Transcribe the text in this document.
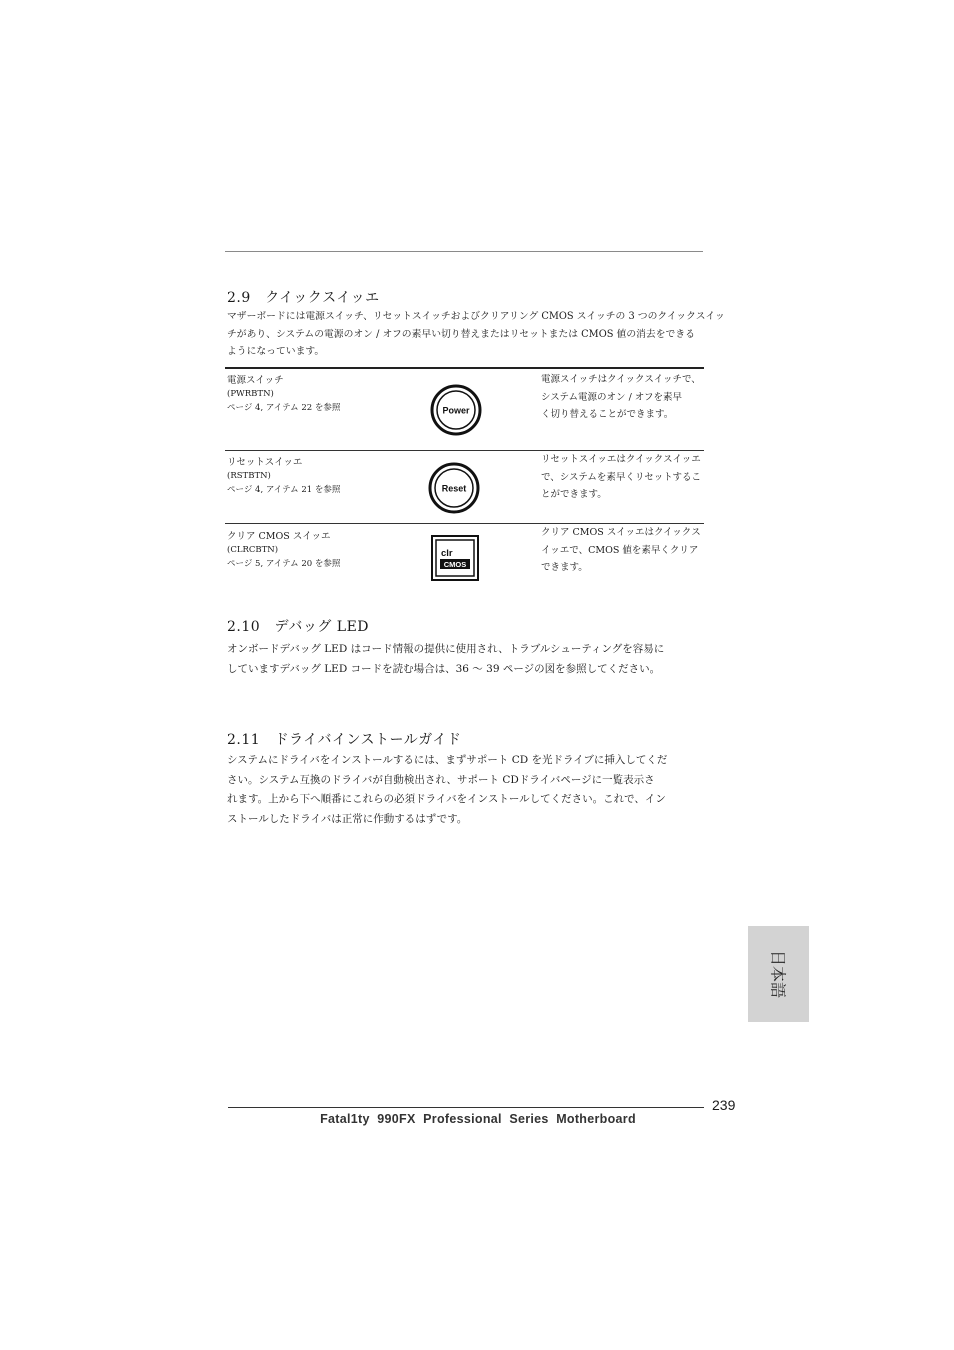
2.9　クイックスイッエ
マザーボードには電源スイッチ、リセットスイッチおよびクリアリング CMOS スイッチの 3 つのクイックスイッ
チがあり、システムの電源のオン / オフの素早い切り替えまたはリセットまたは CMOS 値の消去をできる
ようになっています。
電源スイッチ
(PWRBTN)
ページ 4, アイテム 22 を参照	Power
電源スイッチはクイックスイッチで、
システム電源のオン / オフを素早
く切り替えることができます。
リセットスイッエ
(RSTBTN)
ページ 4, アイテム 21 を参照	Reset
リセットスイッエはクイックスイッエ
で、システムを素早くリセットするこ
とができます。
クリア CMOS スイッエ
(CLRCBTN)
ページ 5, アイテム 20 を参照
clr
CMOS
クリア CMOS スイッエはクイックス
イッエで、CMOS 値を素早くクリア
できます。
2.10　デバッグ LED
オンボードデバッグ LED はコード情報の提供に使用され、トラブルシューティングを容易に
していますデバッグ LED コードを読む場合は、36 ～ 39 ページの図を参照してください。
2.11　ドライバインストールガイド
システムにドライバをインストールするには、まずサポート CD を光ドライブに挿入してくだ
さい。システム互換のドライバが自動検出され、サポート CDドライバページに一覧表示さ
れます。上から下へ順番にこれらの必須ドライバをインストールしてください。これで、イン
ストールしたドライバは正常に作動するはずです。
日本語
239
Fatal1ty  990FX  Professional  Series  Motherboard
